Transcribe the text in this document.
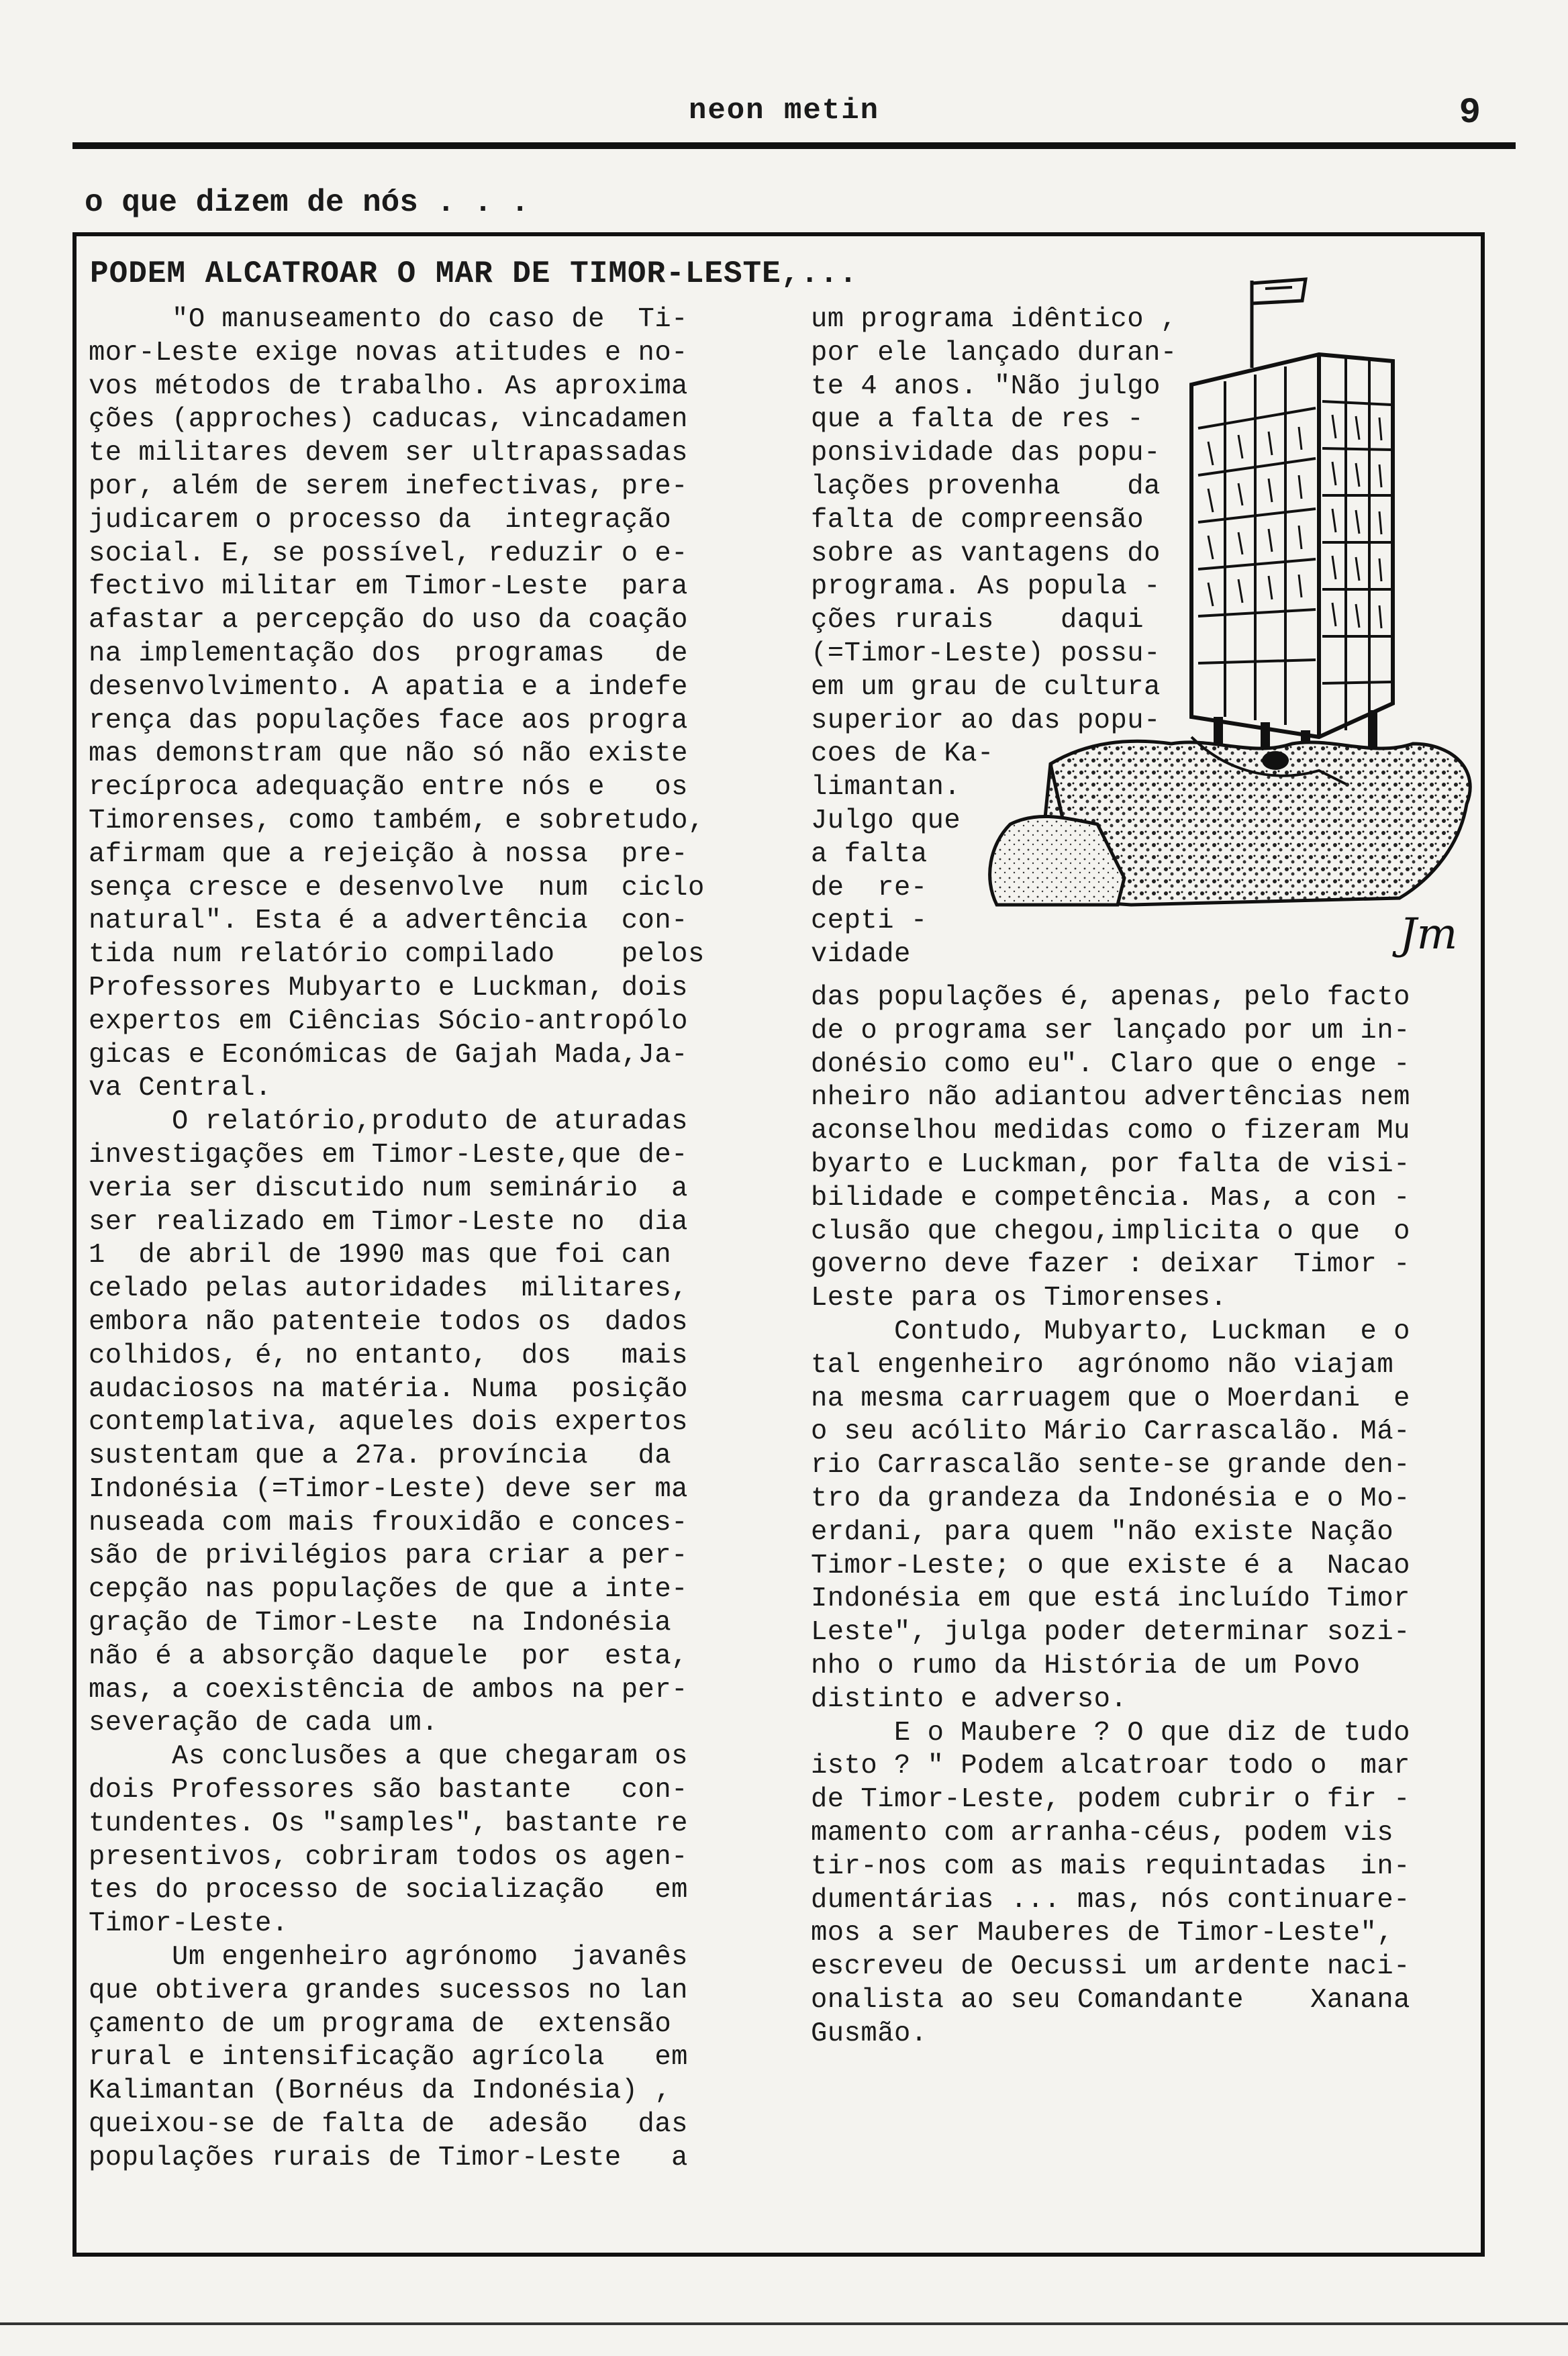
neon metin	9
o que dizem de nós . . .
PODEM ALCATROAR O MAR DE TIMOR-LESTE,...
"O manuseamento do caso de  Ti-
mor-Leste exige novas atitudes e no-
vos métodos de trabalho. As aproxima
ções (approches) caducas, vincadamen
te militares devem ser ultrapassadas
por, além de serem inefectivas, pre-
judicarem o processo da  integração
social. E, se possível, reduzir o e-
fectivo militar em Timor-Leste  para
afastar a percepção do uso da coação
na implementação dos  programas   de
desenvolvimento. A apatia e a indefe
rença das populações face aos progra
mas demonstram que não só não existe
recíproca adequação entre nós e   os
Timorenses, como também, e sobretudo,
afirmam que a rejeição à nossa  pre-
sença cresce e desenvolve  num  ciclo
natural". Esta é a advertência  con-
tida num relatório compilado    pelos
Professores Mubyarto e Luckman, dois
expertos em Ciências Sócio-antropólo
gicas e Económicas de Gajah Mada,Ja-
va Central.
O relatório,produto de aturadas
investigações em Timor-Leste,que de-
veria ser discutido num seminário  a
ser realizado em Timor-Leste no  dia
1  de abril de 1990 mas que foi can
celado pelas autoridades  militares,
embora não patenteie todos os  dados
colhidos, é, no entanto,  dos   mais
audaciosos na matéria. Numa  posição
contemplativa, aqueles dois expertos
sustentam que a 27a. província   da
Indonésia (=Timor-Leste) deve ser ma
nuseada com mais frouxidão e conces-
são de privilégios para criar a per-
cepção nas populações de que a inte-
gração de Timor-Leste  na Indonésia
não é a absorção daquele  por  esta,
mas, a coexistência de ambos na per-
severação de cada um.
As conclusões a que chegaram os
dois Professores são bastante   con-
tundentes. Os "samples", bastante re
presentivos, cobriram todos os agen-
tes do processo de socialização   em
Timor-Leste.
Um engenheiro agrónomo  javanês
que obtivera grandes sucessos no lan
çamento de um programa de  extensão
rural e intensificação agrícola   em
Kalimantan (Bornéus da Indonésia) ,
queixou-se de falta de  adesão   das
populações rurais de Timor-Leste   a
um programa idêntico ,
por ele lançado duran-
te 4 anos. "Não julgo
que a falta de res -
ponsividade das popu-
lações provenha    da
falta de compreensão
sobre as vantagens do
programa. As popula -
ções rurais    daqui
(=Timor-Leste) possu-
em um grau de cultura
superior ao das popu-
coes de Ka-
limantan.
Julgo que
a falta
de  re-
cepti -
vidade
das populações é, apenas, pelo facto
de o programa ser lançado por um in-
donésio como eu". Claro que o enge -
nheiro não adiantou advertências nem
aconselhou medidas como o fizeram Mu
byarto e Luckman, por falta de visi-
bilidade e competência. Mas, a con -
clusão que chegou,implicita o que  o
governo deve fazer : deixar  Timor -
Leste para os Timorenses.
Contudo, Mubyarto, Luckman  e o
tal engenheiro  agrónomo não viajam
na mesma carruagem que o Moerdani  e
o seu acólito Mário Carrascalão. Má-
rio Carrascalão sente-se grande den-
tro da grandeza da Indonésia e o Mo-
erdani, para quem "não existe Nação
Timor-Leste; o que existe é a  Nacao
Indonésia em que está incluído Timor
Leste", julga poder determinar sozi-
nho o rumo da História de um Povo
distinto e adverso.
E o Maubere ? O que diz de tudo
isto ? " Podem alcatroar todo o  mar
de Timor-Leste, podem cubrir o fir -
mamento com arranha-céus, podem vis
tir-nos com as mais requintadas  in-
dumentárias ... mas, nós continuare-
mos a ser Mauberes de Timor-Leste",
escreveu de Oecussi um ardente naci-
onalista ao seu Comandante    Xanana
Gusmão.
Jm
